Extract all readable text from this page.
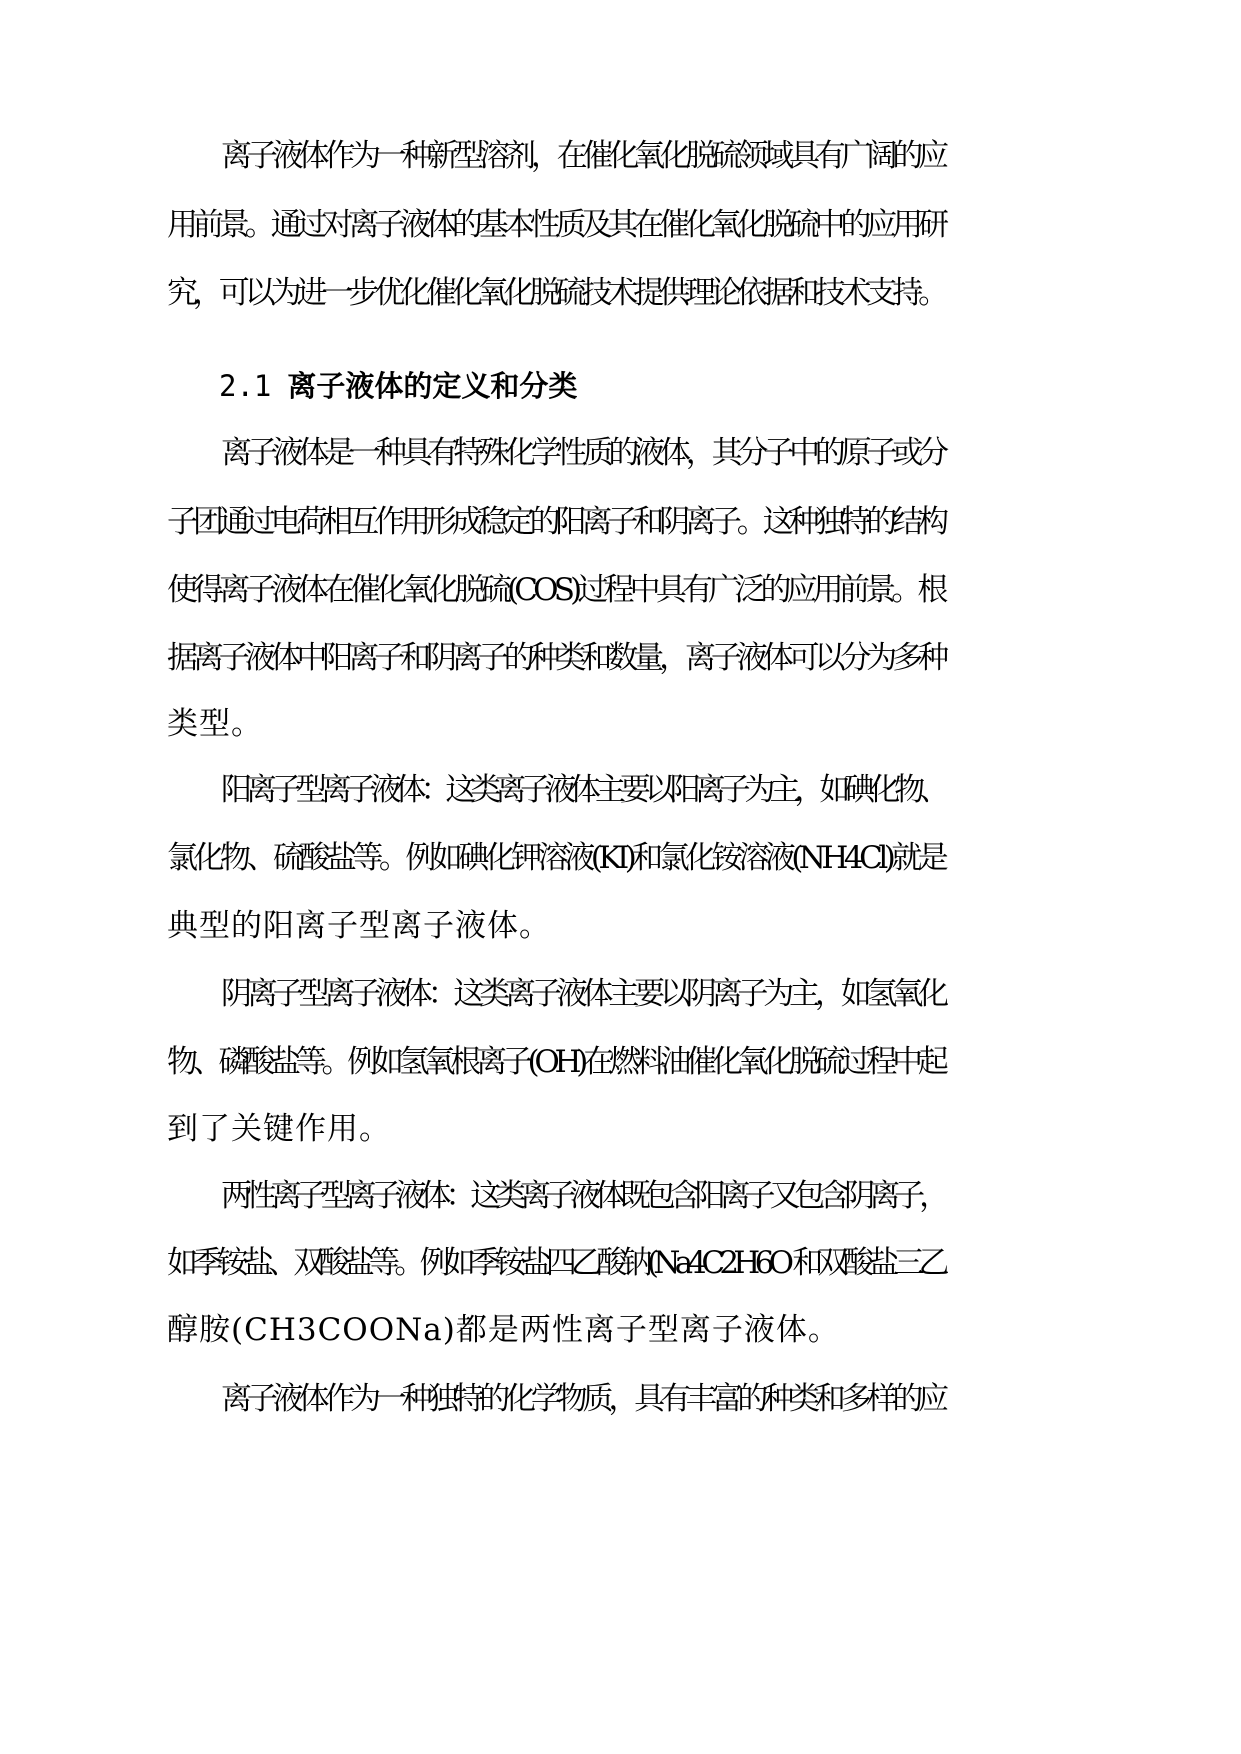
离子液体作为一种新型溶剂，在催化氧化脱硫领域具有广阔的应
用前景。通过对离子液体的基本性质及其在催化氧化脱硫中的应用研
究，可以为进一步优化催化氧化脱硫技术提供理论依据和技术支持。
2.1 离子液体的定义和分类
离子液体是一种具有特殊化学性质的液体，其分子中的原子或分
子团通过电荷相互作用形成稳定的阳离子和阴离子。这种独特的结构
使得离子液体在催化氧化脱硫(COS)过程中具有广泛的应用前景。根
据离子液体中阳离子和阴离子的种类和数量，离子液体可以分为多种
类型。
阳离子型离子液体：这类离子液体主要以阳离子为主，如碘化物、
氯化物、硫酸盐等。例如碘化钾溶液(KI)和氯化铵溶液(NH4Cl)就是
典型的阳离子型离子液体。
阴离子型离子液体：这类离子液体主要以阴离子为主，如氢氧化
物、磷酸盐等。例如氢氧根离子(OH)在燃料油催化氧化脱硫过程中起
到了关键作用。
两性离子型离子液体：这类离子液体既包含阳离子又包含阴离子，
如季铵盐、双酸盐等。例如季铵盐四乙酸钠(Na4C2H6O 和双酸盐三乙
醇胺(CH3COONa)都是两性离子型离子液体。
离子液体作为一种独特的化学物质，具有丰富的种类和多样的应
